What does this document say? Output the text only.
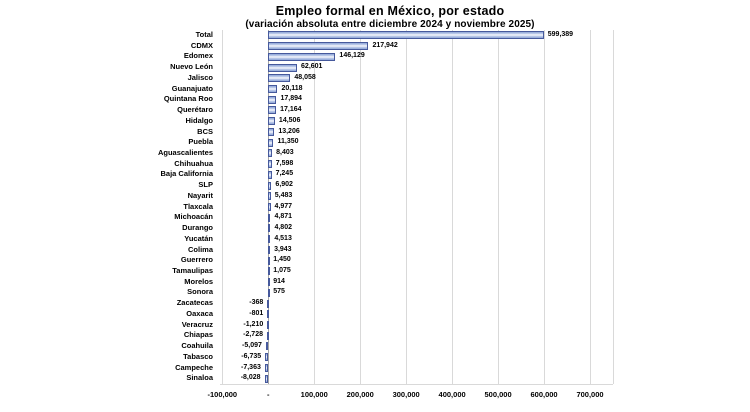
Empleo formal en México, por estado
(variación absoluta entre diciembre 2024 y noviembre 2025)
-100,000	-	100,000	200,000	300,000	400,000	500,000	600,000	700,000
Total	599,389
CDMX	217,942
Edomex	146,129
Nuevo León	62,601
Jalisco	48,058
Guanajuato	20,118
Quintana Roo	17,894
Querétaro	17,164
Hidalgo	14,506
BCS	13,206
Puebla	11,350
Aguascalientes	8,403
Chihuahua	7,598
Baja California	7,245
SLP	6,902
Nayarit	5,483
Tlaxcala	4,977
Michoacán	4,871
Durango	4,802
Yucatán	4,513
Colima	3,943
Guerrero	1,450
Tamaulipas	1,075
Morelos	914
Sonora	575
Zacatecas	-368
Oaxaca	-801
Veracruz	-1,210
Chiapas	-2,728
Coahuila	-5,097
Tabasco	-6,735
Campeche	-7,363
Sinaloa	-8,028
